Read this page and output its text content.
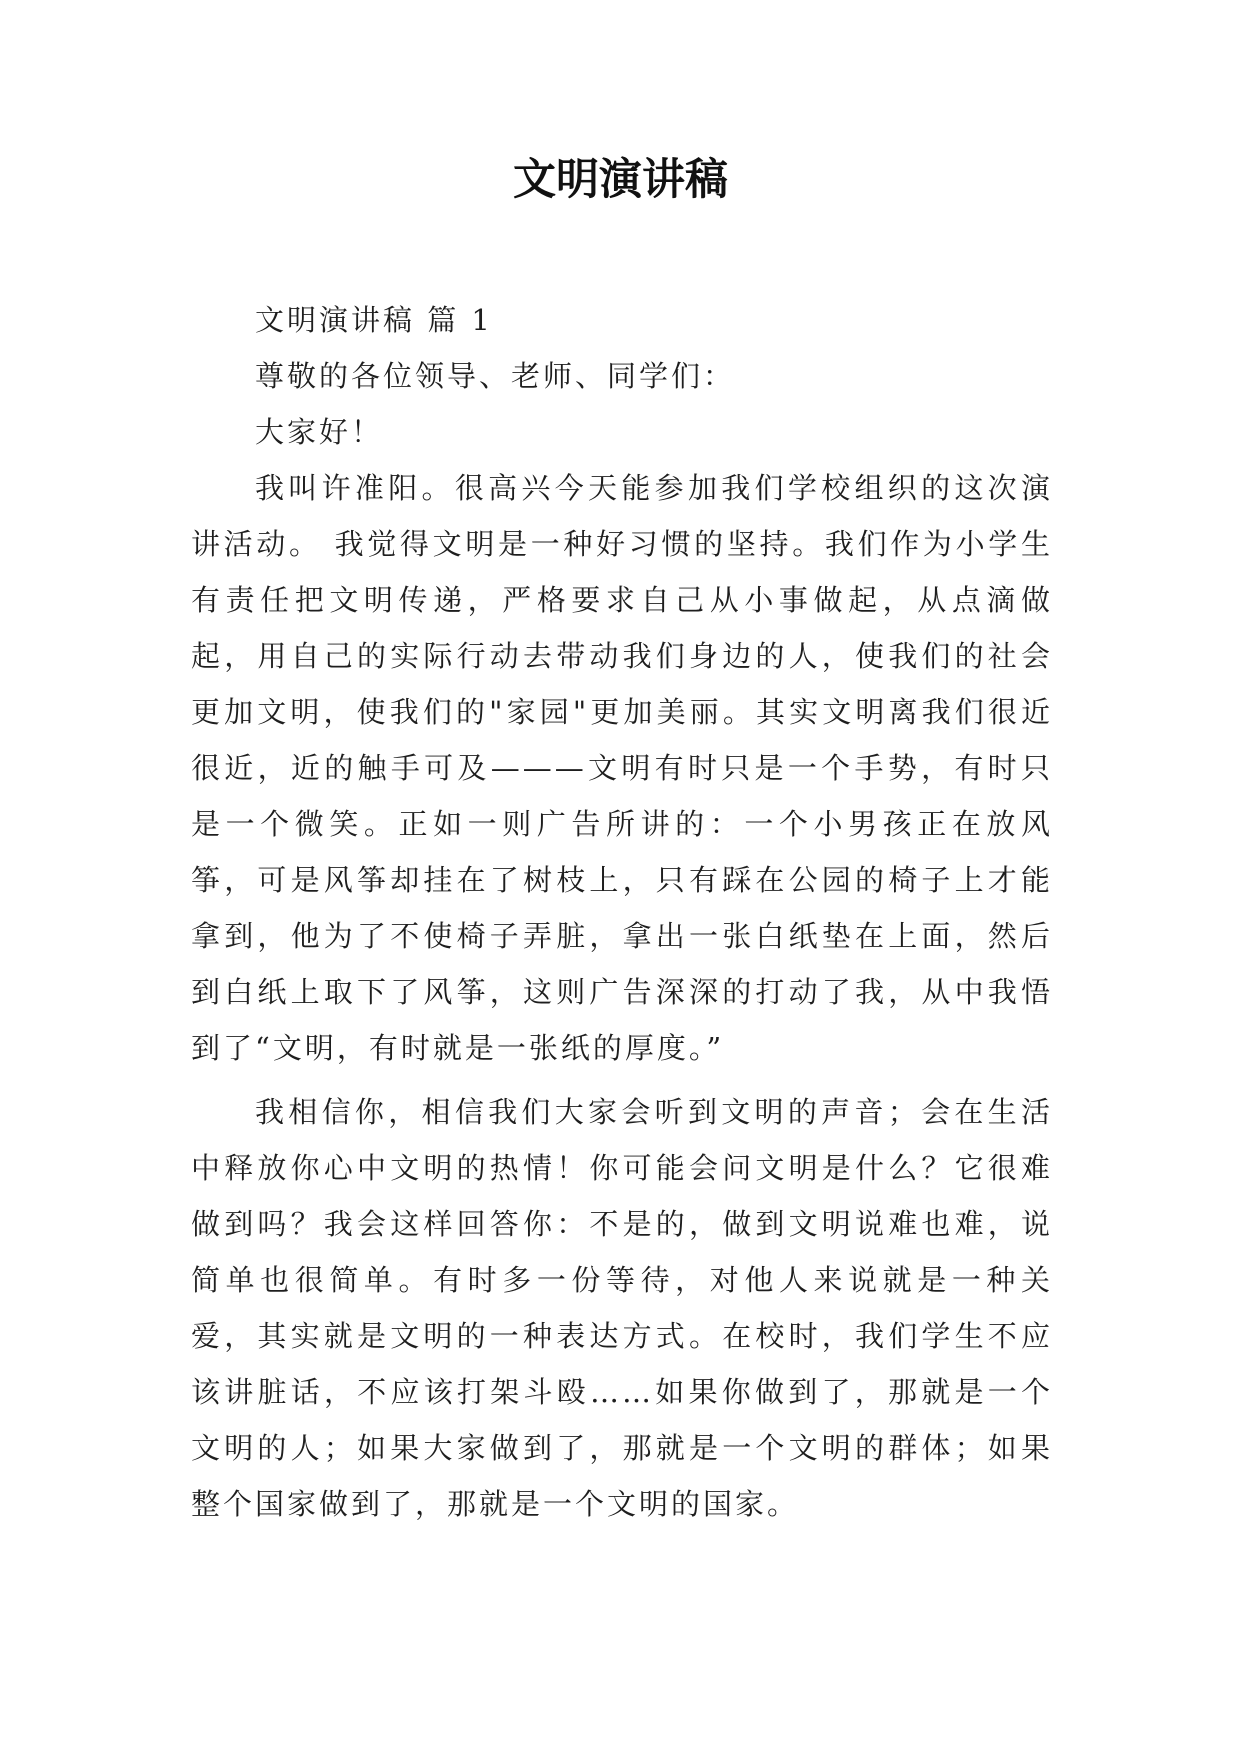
文明演讲稿

文明演讲稿 篇 1

尊敬的各位领导、老师、同学们：

大家好！

我叫许准阳。很高兴今天能参加我们学校组织的这次演讲活动。 我觉得文明是一种好习惯的坚持。我们作为小学生有责任把文明传递，严格要求自己从小事做起，从点滴做起，用自己的实际行动去带动我们身边的人，使我们的社会更加文明，使我们的"家园"更加美丽。其实文明离我们很近很近，近的触手可及———文明有时只是一个手势，有时只是一个微笑。正如一则广告所讲的：一个小男孩正在放风筝，可是风筝却挂在了树枝上，只有踩在公园的椅子上才能拿到，他为了不使椅子弄脏，拿出一张白纸垫在上面，然后到白纸上取下了风筝，这则广告深深的打动了我，从中我悟到了“文明，有时就是一张纸的厚度。”

我相信你，相信我们大家会听到文明的声音；会在生活中释放你心中文明的热情！你可能会问文明是什么？它很难做到吗？我会这样回答你：不是的，做到文明说难也难，说简单也很简单。有时多一份等待，对他人来说就是一种关爱，其实就是文明的一种表达方式。在校时，我们学生不应该讲脏话，不应该打架斗殴……如果你做到了，那就是一个文明的人；如果大家做到了，那就是一个文明的群体；如果整个国家做到了，那就是一个文明的国家。
